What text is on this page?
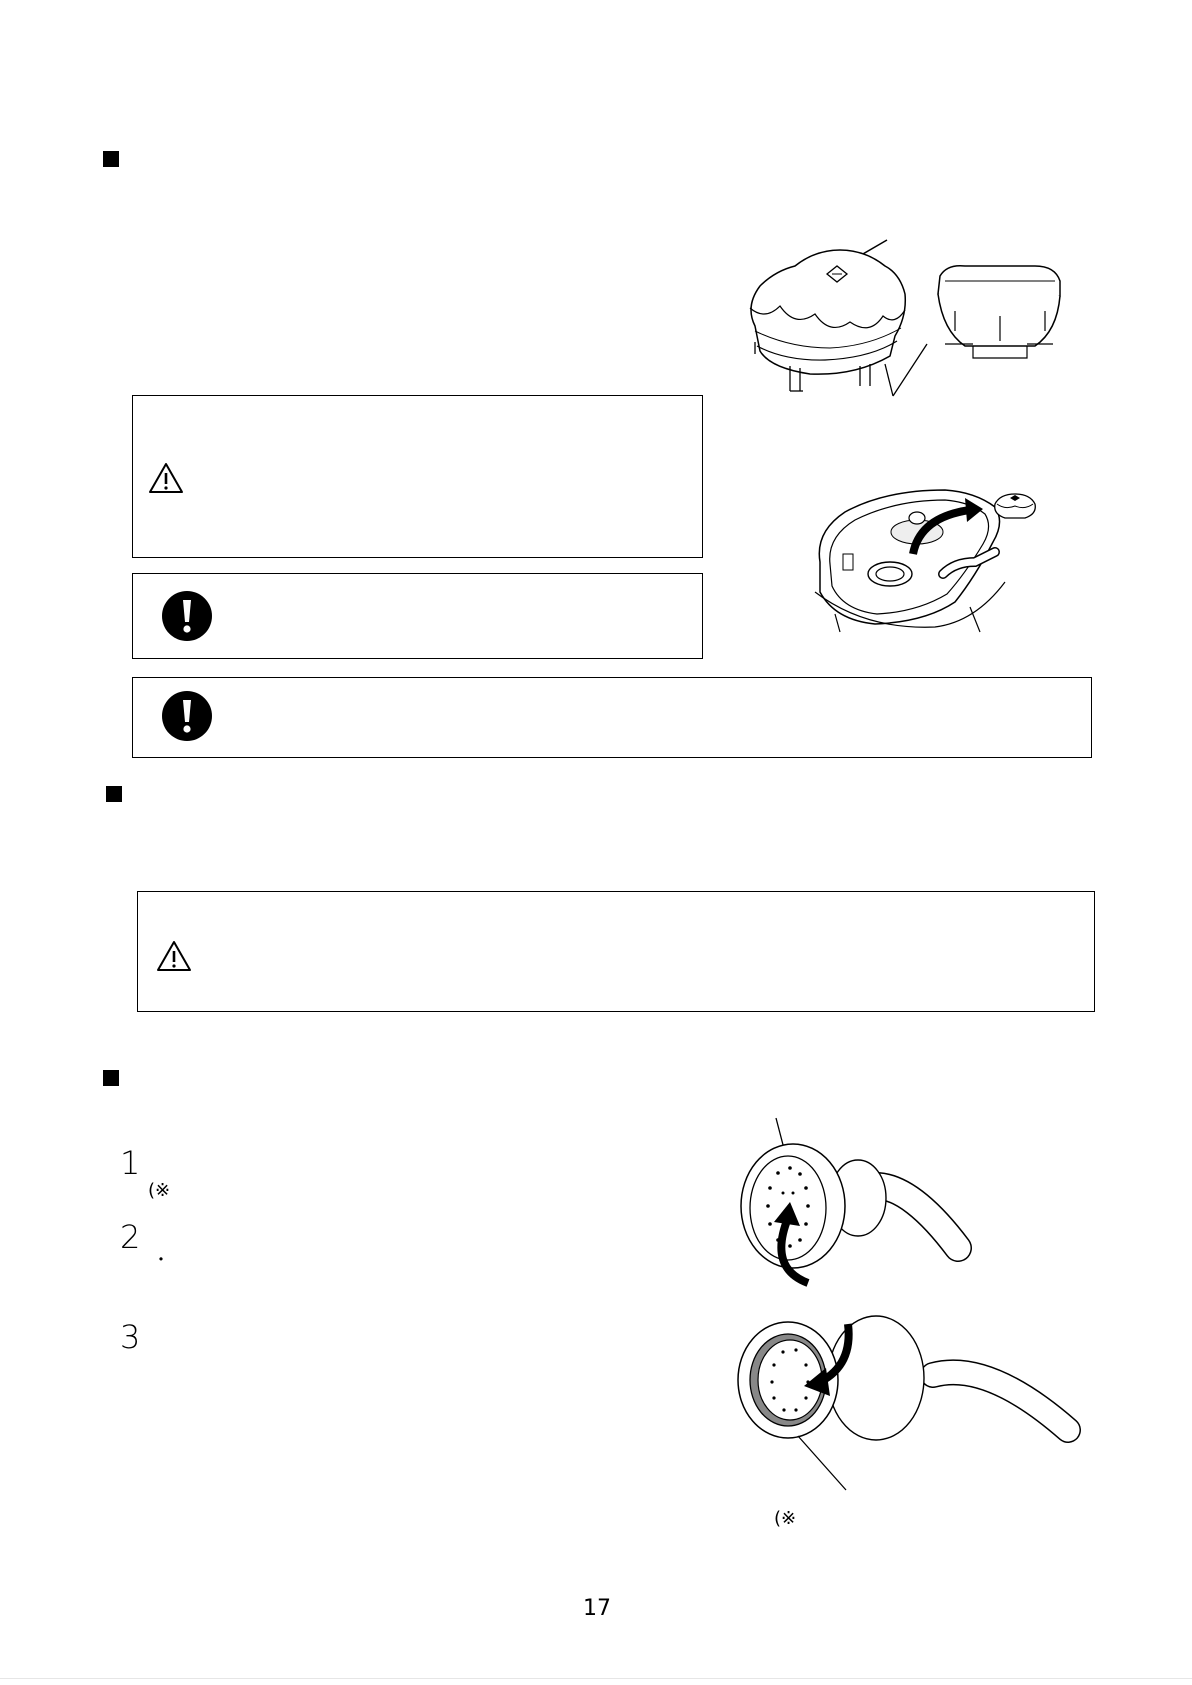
1
(※
2
・
3
(※
17
